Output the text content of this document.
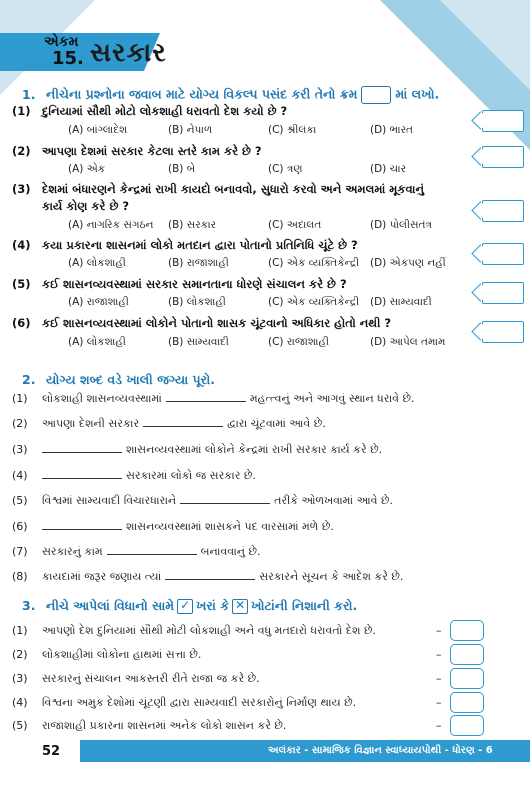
એકમ
15. સરકાર
1. નીચેના પ્રશ્નોના જવાબ માટે યોગ્ય વિકલ્પ પસંદ કરી તેનો ક્રમ	માં લખો.
(1) દુનિયામાં સૌથી મોટો લોકશાહી ધરાવતો દેશ કયો છે ?
(A) બાંગ્લાદેશ	(B) નેપાળ	(C) શ્રીલંકા	(D) ભારત
(2) આપણા દેશમાં સરકાર કેટલા સ્તરે કામ કરે છે ?
(A) એક	(B) બે	(C) ત્રણ	(D) ચાર
(3) દેશમાં બંધારણને કેન્દ્રમાં રાખી કાયદો બનાવવો, સુધારો કરવો અને અમલમાં મૂકવાનું
કાર્ય કોણ કરે છે ?
(A) નાગરિક સંગઠન (B) સરકાર	(C) અદાલત	(D) પોલીસતંત્ર
(4) કયા પ્રકારના શાસનમાં લોકો મતદાન દ્વારા પોતાનો પ્રતિનિધિ ચૂંટે છે ?
(A) લોકશાહી	(B) રાજાશાહી	(C) એક વ્યક્તિકેન્દ્રી (D) એકપણ નહીં
(5) કઈ શાસનવ્યવસ્થામાં સરકાર સમાનતાના ધોરણે સંચાલન કરે છે ?
(A) રાજાશાહી	(B) લોકશાહી	(C) એક વ્યક્તિકેન્દ્રી (D) સામ્યવાદી
(6) કઈ શાસનવ્યવસ્થામાં લોકોને પોતાનો શાસક ચૂંટવાનો અધિકાર હોતો નથી ?
(A) લોકશાહી	(B) સામ્યવાદી	(C) રાજાશાહી	(D) આપેલ તમામ
2. યોગ્ય શબ્દ વડે ખાલી જગ્યા પૂરો.
(1) લોકશાહી શાસનવ્યવસ્થામાં	મહત્ત્વનું અને આગવું સ્થાન ધરાવે છે.
(2) આપણા દેશની સરકાર	દ્વારા ચૂંટવામાં આવે છે.
(3)	શાસનવ્યવસ્થામાં લોકોને કેન્દ્રમાં રાખી સરકાર કાર્ય કરે છે.
(4)	સરકારમાં લોકો જ સરકાર છે.
(5) વિશ્વમાં સામ્યવાદી વિચારધારાને	તરીકે ઓળખવામાં આવે છે.
(6)	શાસનવ્યવસ્થામાં શાસકને પદ વારસામાં મળે છે.
(7) સરકારનું કામ	બનાવવાનું છે.
(8) કાયદામાં જરૂર જણાય ત્યાં	સરકારને સૂચન કે આદેશ કરે છે.
3. નીચે આપેલાં વિધાનો સામે ✓ ખરાં કે ✕ ખોટાંની નિશાની કરો.
(1) આપણો દેશ દુનિયામાં સૌથી મોટી લોકશાહી અને વધુ મતદારો ધરાવતો દેશ છે.	–
(2) લોકશાહીમાં લોકોના હાથમાં સત્તા છે.	–
(3) સરકારનું સંચાલન આકસ્તરી રીતે રાજા જ કરે છે.	–
(4) વિશ્વના અમુક દેશોમાં ચૂંટણી દ્વારા સામ્યવાદી સરકારોનું નિર્માણ થાય છે.	–
(5) રાજાશાહી પ્રકારના શાસનમાં અનેક લોકો શાસન કરે છે.	–
52	અલંકાર - સામાજિક વિજ્ઞાન સ્વાધ્યાયપોથી - ધોરણ - 6
